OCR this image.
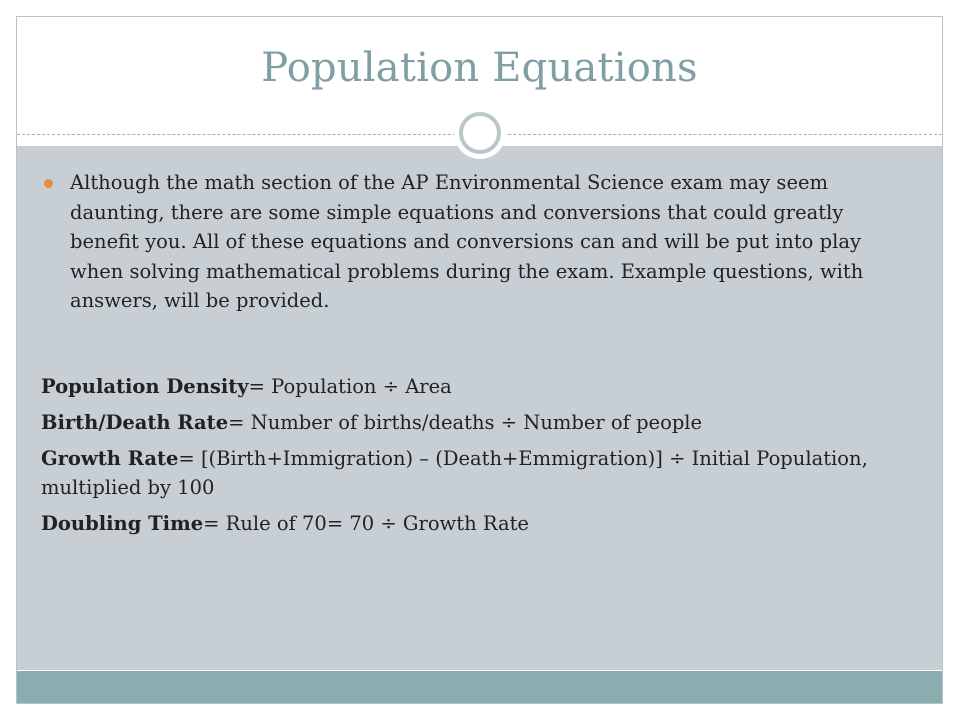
Population Equations
Although the math section of the AP Environmental Science exam may seem daunting, there are some simple equations and conversions that could greatly benefit you. All of these equations and conversions can and will be put into play when solving mathematical problems during the exam. Example questions, with answers, will be provided.
Population Density= Population ÷ Area
Birth/Death Rate= Number of births/deaths ÷ Number of people
Growth Rate= [(Birth+Immigration) – (Death+Emmigration)] ÷ Initial Population, multiplied by 100
Doubling Time= Rule of 70= 70 ÷ Growth Rate
